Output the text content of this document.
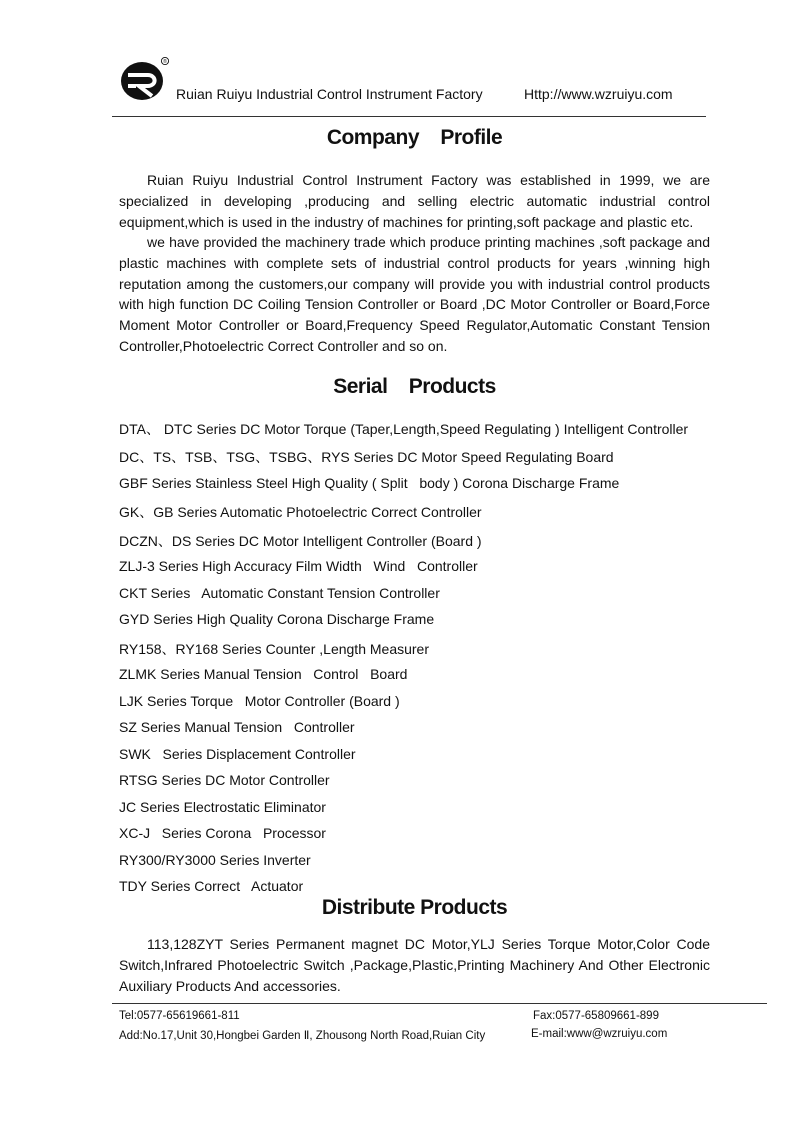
®
Ruian Ruiyu Industrial Control Instrument Factory	Http://www.wzruiyu.com
Company    Profile
Ruian Ruiyu Industrial Control Instrument Factory was established in 1999, we are specialized in developing ,producing and selling electric automatic industrial control equipment,which is used in the industry of machines for printing,soft package and plastic etc.
we have provided the machinery trade which produce printing machines ,soft package and plastic machines with complete sets of industrial control products for years ,winning high reputation among the customers,our company will provide you with industrial control products with high function DC Coiling Tension Controller or Board ,DC Motor Controller or Board,Force Moment Motor Controller or Board,Frequency Speed Regulator,Automatic Constant Tension Controller,Photoelectric Correct Controller and so on.
Serial    Products
DTA、 DTC Series DC Motor Torque (Taper,Length,Speed Regulating ) Intelligent Controller
DC、TS、TSB、TSG、TSBG、RYS Series DC Motor Speed Regulating Board
GBF Series Stainless Steel High Quality ( Split   body ) Corona Discharge Frame
GK、GB Series Automatic Photoelectric Correct Controller
DCZN、DS Series DC Motor Intelligent Controller (Board )
ZLJ-3 Series High Accuracy Film Width   Wind   Controller
CKT Series   Automatic Constant Tension Controller
GYD Series High Quality Corona Discharge Frame
RY158、RY168 Series Counter ,Length Measurer
ZLMK Series Manual Tension   Control   Board
LJK Series Torque   Motor Controller (Board )
SZ Series Manual Tension   Controller
SWK   Series Displacement Controller
RTSG Series DC Motor Controller
JC Series Electrostatic Eliminator
XC-J   Series Corona   Processor
RY300/RY3000 Series Inverter
TDY Series Correct   Actuator
Distribute Products
113,128ZYT Series Permanent magnet DC Motor,YLJ Series Torque Motor,Color Code Switch,Infrared Photoelectric Switch ,Package,Plastic,Printing Machinery And Other Electronic Auxiliary Products And accessories.
Tel:0577-65619661-811	Fax:0577-65809661-899
Add:No.17,Unit 30,Hongbei Garden Ⅱ, Zhousong North Road,Ruian City	E-mail:www@wzruiyu.com
